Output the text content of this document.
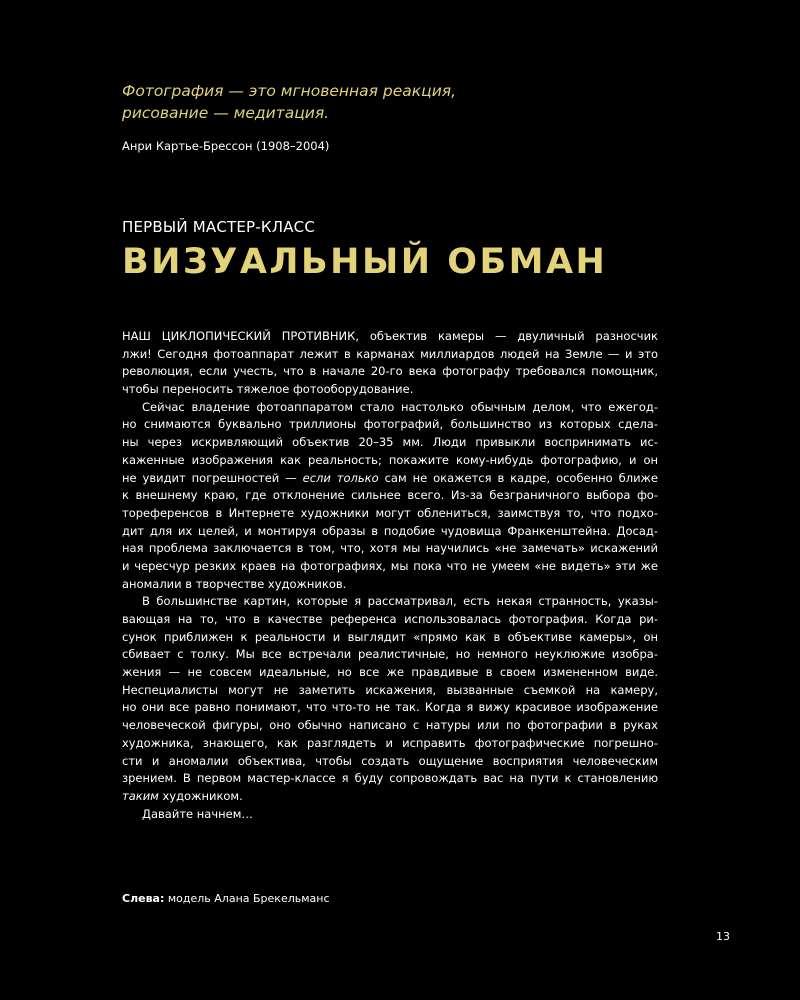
Фотография — это мгновенная реакция,

рисование — медитация.

Анри Картье-Брессон (1908–2004)
ПЕРВЫЙ МАСТЕР-КЛАСС
ВИЗУАЛЬНЫЙ ОБМАН
НАШ ЦИКЛОПИЧЕСКИЙ ПРОТИВНИК, объектив камеры — двуличный разносчик
лжи! Сегодня фотоаппарат лежит в карманах миллиардов людей на Земле — и это
революция, если учесть, что в начале 20-го века фотографу требовался помощник,
чтобы переносить тяжелое фотооборудование.
Сейчас владение фотоаппаратом стало настолько обычным делом, что ежегод-
но снимаются буквально триллионы фотографий, большинство из которых сдела-
ны через искривляющий объектив 20–35 мм. Люди привыкли воспринимать ис-
каженные изображения как реальность; покажите кому-нибудь фотографию, и он
не увидит погрешностей — если только сам не окажется в кадре, особенно ближе
к внешнему краю, где отклонение сильнее всего. Из-за безграничного выбора фо-
тореференсов в Интернете художники могут облениться, заимствуя то, что подхо-
дит для их целей, и монтируя образы в подобие чудовища Франкенштейна. Досад-
ная проблема заключается в том, что, хотя мы научились «не замечать» искажений
и чересчур резких краев на фотографиях, мы пока что не умеем «не видеть» эти же
аномалии в творчестве художников.
В большинстве картин, которые я рассматривал, есть некая странность, указы-
вающая на то, что в качестве референса использовалась фотография. Когда ри-
сунок приближен к реальности и выглядит «прямо как в объективе камеры», он
сбивает с толку. Мы все встречали реалистичные, но немного неуклюжие изобра-
жения — не совсем идеальные, но все же правдивые в своем измененном виде.
Неспециалисты могут не заметить искажения, вызванные съемкой на камеру,
но они все равно понимают, что что-то не так. Когда я вижу красивое изображение
человеческой фигуры, оно обычно написано с натуры или по фотографии в руках
художника, знающего, как разглядеть и исправить фотографические погрешно-
сти и аномалии объектива, чтобы создать ощущение восприятия человеческим
зрением. В первом мастер-классе я буду сопровождать вас на пути к становлению
таким художником.
Давайте начнем…
Слева: модель Алана Брекельманс
13
